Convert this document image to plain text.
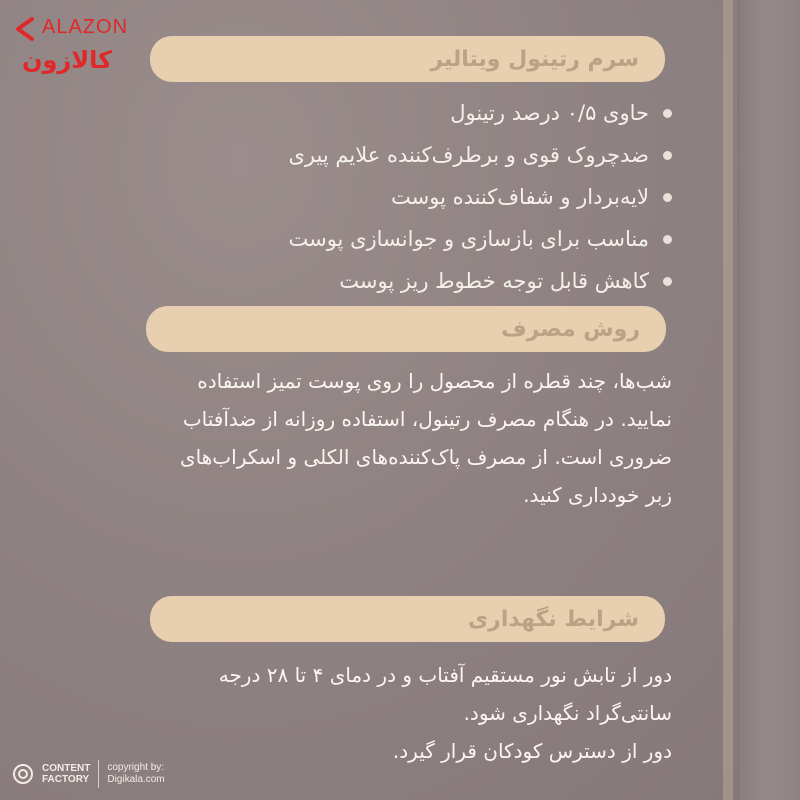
ALAZON
کالازون	سرم رتینول ویتالیر
حاوی ۰/۵ درصد رتینول
ضدچروک قوی و برطرف‌کننده علایم پیری
لایه‌بردار و شفاف‌کننده پوست
مناسب برای بازسازی و جوانسازی پوست
کاهش قابل توجه خطوط ریز پوست
روش مصرف
شب‌ها، چند قطره از محصول را روی پوست تمیز استفاده
نمایید. در هنگام مصرف رتینول، استفاده روزانه از ضدآفتاب
ضروری است. از مصرف پاک‌کننده‌های الکلی و اسکراب‌های
زبر خودداری کنید.
شرایط نگهداری
دور از تابش نور مستقیم آفتاب و در دمای ۴ تا ۲۸ درجه
سانتی‌گراد نگهداری شود.
دور از دسترس کودکان قرار گیرد.
CONTENT
FACTORY
copyright by:
Digikala.com
